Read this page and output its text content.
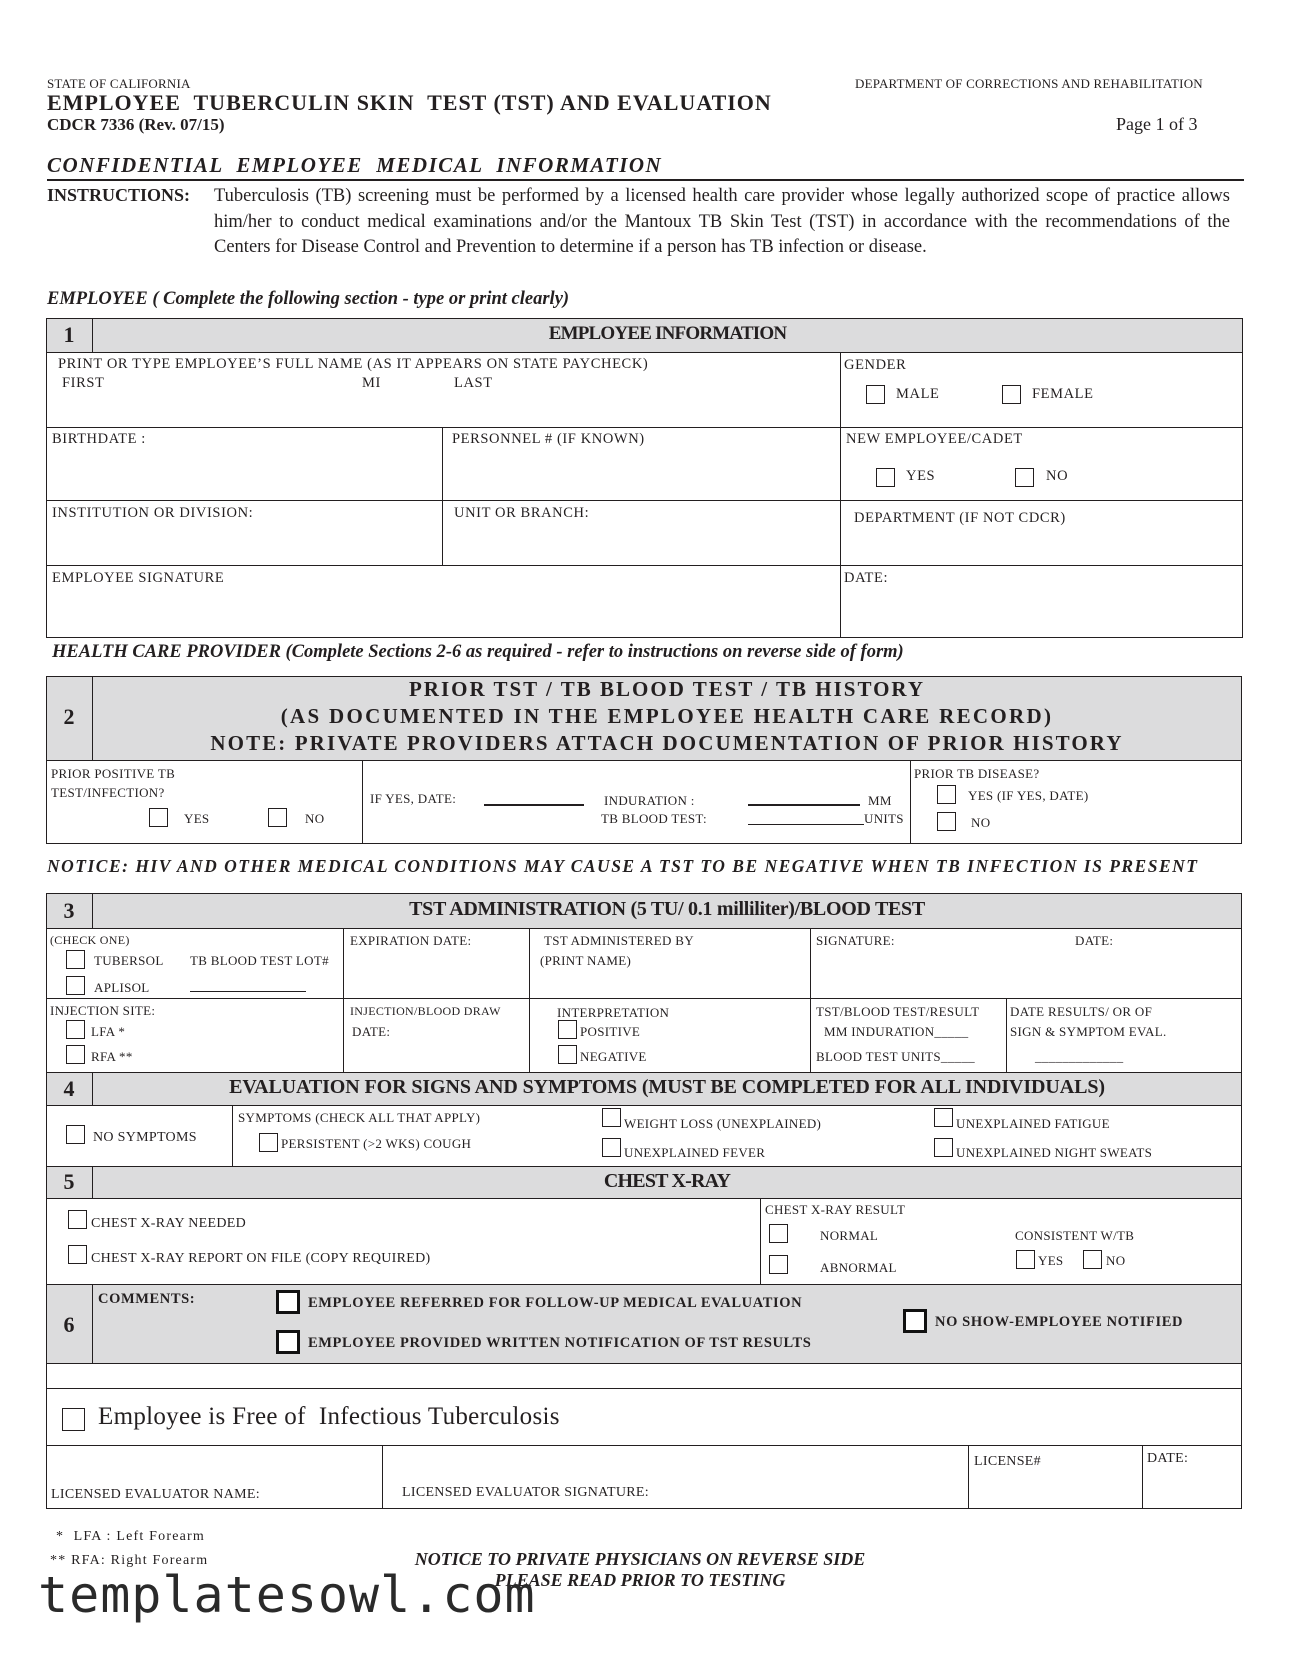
STATE OF CALIFORNIA	DEPARTMENT OF CORRECTIONS AND REHABILITATION
EMPLOYEE  TUBERCULIN SKIN  TEST (TST) AND EVALUATION
CDCR 7336 (Rev. 07/15)	Page 1 of 3
CONFIDENTIAL  EMPLOYEE  MEDICAL  INFORMATION
INSTRUCTIONS: Tuberculosis (TB) screening must be performed by a licensed health care provider whose legally authorized scope of practice allows him/her to conduct medical examinations and/or the Mantoux TB Skin Test (TST) in accordance with the recommendations of the Centers for Disease Control and Prevention to determine if a person has TB infection or disease.
EMPLOYEE ( Complete the following section - type or print clearly)
1	EMPLOYEE INFORMATION
PRINT OR TYPE EMPLOYEE’S FULL NAME (AS IT APPEARS ON STATE PAYCHECK)
FIRST	MI	LAST
GENDER
MALE	FEMALE
BIRTHDATE :	PERSONNEL # (IF KNOWN)	NEW EMPLOYEE/CADET
YES	NO
INSTITUTION OR DIVISION:	UNIT OR BRANCH:	DEPARTMENT (IF NOT CDCR)
EMPLOYEE SIGNATURE	DATE:
HEALTH CARE PROVIDER (Complete Sections 2-6 as required - refer to instructions on reverse side of form)
2
PRIOR TST / TB BLOOD TEST / TB HISTORY
(AS DOCUMENTED IN THE EMPLOYEE HEALTH CARE RECORD)
NOTE: PRIVATE PROVIDERS ATTACH DOCUMENTATION OF PRIOR HISTORY
PRIOR POSITIVE TB
TEST/INFECTION?
YES	NO
IF YES, DATE:	INDURATION :
TB BLOOD TEST:
MM
UNITS
PRIOR TB DISEASE?
YES (IF YES, DATE)
NO
NOTICE: HIV AND OTHER MEDICAL CONDITIONS MAY CAUSE A TST TO BE NEGATIVE WHEN TB INFECTION IS PRESENT
3	TST ADMINISTRATION (5 TU/ 0.1 milliliter)/BLOOD TEST
(CHECK ONE)
TUBERSOL TB BLOOD TEST LOT#
APLISOL
EXPIRATION DATE:	TST ADMINISTERED BY
(PRINT NAME)
SIGNATURE:	DATE:
INJECTION SITE:
LFA *
RFA **
INJECTION/BLOOD DRAW
DATE:
INTERPRETATION
POSITIVE
NEGATIVE
TST/BLOOD TEST/RESULT
MM INDURATION_____
BLOOD TEST UNITS_____
DATE RESULTS/ OR OF
SIGN & SYMPTOM EVAL.
_____________
4	EVALUATION FOR SIGNS AND SYMPTOMS (MUST BE COMPLETED FOR ALL INDIVIDUALS)
NO SYMPTOMS
SYMPTOMS (CHECK ALL THAT APPLY)
PERSISTENT (>2 WKS) COUGH
WEIGHT LOSS (UNEXPLAINED)
UNEXPLAINED FEVER
UNEXPLAINED FATIGUE
UNEXPLAINED NIGHT SWEATS
5	CHEST X-RAY
CHEST X-RAY NEEDED
CHEST X-RAY REPORT ON FILE (COPY REQUIRED)
CHEST X-RAY RESULT
NORMAL
ABNORMAL
CONSISTENT W/TB
YES	NO
6
COMMENTS:	EMPLOYEE REFERRED FOR FOLLOW-UP MEDICAL EVALUATION
EMPLOYEE PROVIDED WRITTEN NOTIFICATION OF TST RESULTS
NO SHOW-EMPLOYEE NOTIFIED
Employee is Free of  Infectious Tuberculosis
LICENSED EVALUATOR NAME:	LICENSED EVALUATOR SIGNATURE:
LICENSE#	DATE:
*  LFA : Left Forearm
** RFA: Right Forearm	NOTICE TO PRIVATE PHYSICIANS ON REVERSE SIDE
PLEASE READ PRIOR TO TESTING
templatesowl.com
